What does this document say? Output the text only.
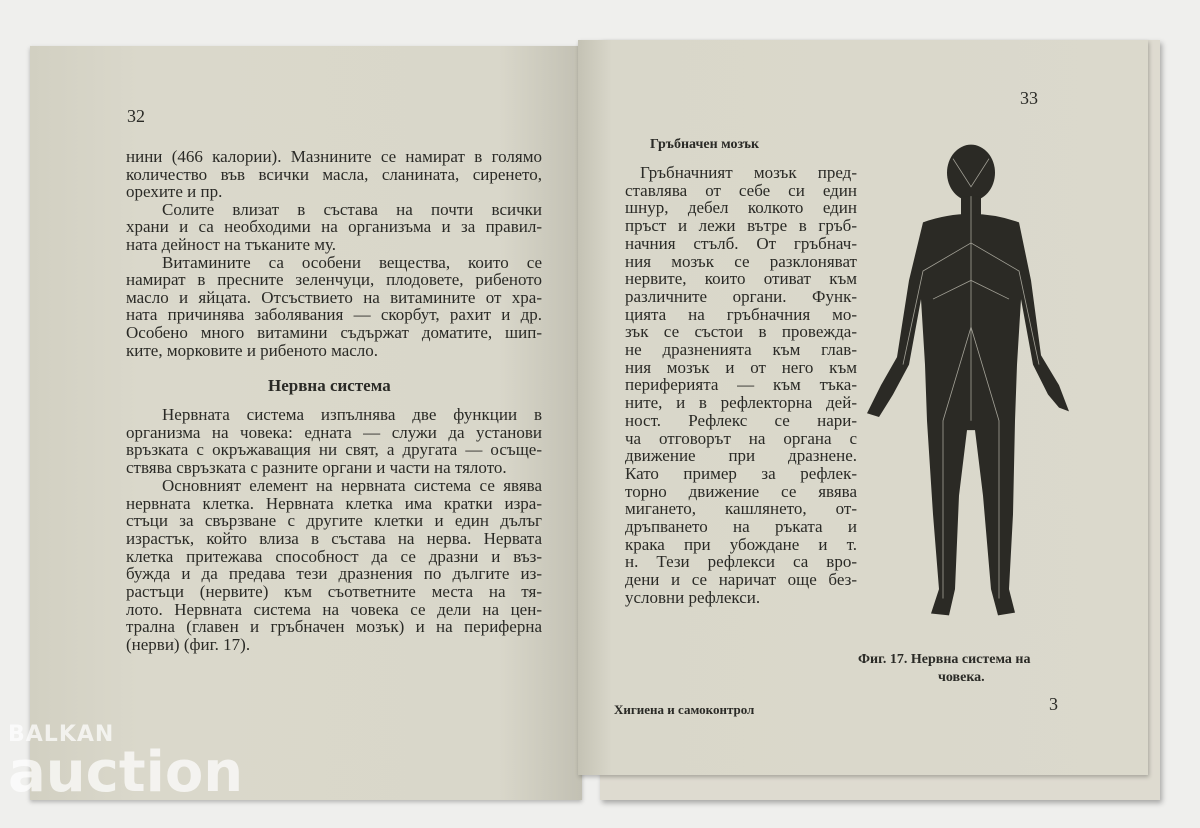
32
нини (466 калории). Мазнините се намират в голямо
количество във всички масла, сланината, сиренето,
орехите и пр.
Солите влизат в състава на почти всички
храни и са необходими на организъма и за правил-
ната дейност на тъканите му.
Витамините са особени вещества, които се
намират в пресните зеленчуци, плодовете, рибеното
масло и яйцата. Отсъствието на витамините от хра-
ната причинява заболявания — скорбут, рахит и др.
Особено много витамини съдържат доматите, шип-
ките, морковите и рибеното масло.
Нервна система
Нервната система изпълнява две функции в
организма на човека: едната — служи да установи
връзката с окръжаващия ни свят, а другата — осъще-
ствява свръзката с разните органи и части на тялото.
Основният елемент на нервната система се явява
нервната клетка. Нервната клетка има кратки изра-
стъци за свързване с другите клетки и един дълъг
израстък, който влиза в състава на нерва. Нервата
клетка притежава способност да се дразни и въз-
бужда и да предава тези дразнения по дългите из-
растъци (нервите) към съответните места на тя-
лото. Нервната система на човека се дели на цен-
трална (главен и гръбначен мозък) и на периферна
(нерви) (фиг. 17).
33
Гръбначен мозък
Гръбначният мозък пред-
ставлява от себе си един
шнур, дебел колкото един
пръст и лежи вътре в гръб-
начния стълб. От гръбнач-
ния мозък се разклоняват
нервите, които отиват към
различните органи. Функ-
цията на гръбначния мо-
зък се състои в провежда-
не дразненията към глав-
ния мозък и от него към
периферията — към тъка-
ните, и в рефлекторна дей-
ност. Рефлекс се нари-
ча отговорът на органа с
движение при дразнене.
Като пример за рефлек-
торно движение се явява
мигането, кашлянето, от-
дръпването на ръката и
крака при убождане и т.
н. Тези рефлекси са вро-
дени и се наричат още без-
условни рефлекси.
Фиг. 17. Нервна система на
човека.
Хигиена и самоконтрол	3
BALKAN
auction
